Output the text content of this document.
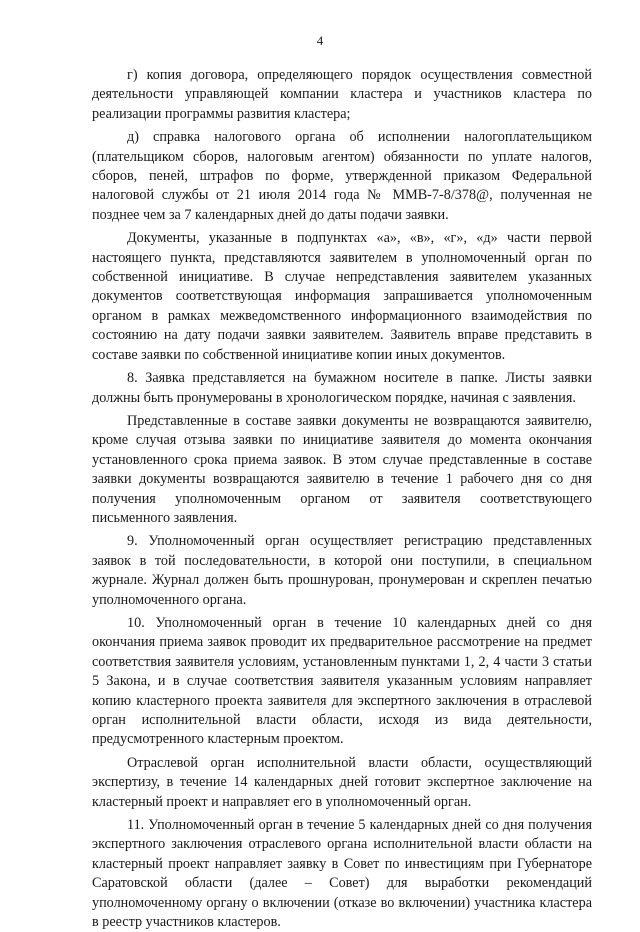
4

г) копия договора, определяющего порядок осуществления совместной деятельности управляющей компании кластера и участников кластера по реализации программы развития кластера;

д) справка налогового органа об исполнении налогоплательщиком (плательщиком сборов, налоговым агентом) обязанности по уплате налогов, сборов, пеней, штрафов по форме, утвержденной приказом Федеральной налоговой службы от 21 июля 2014 года № ММВ-7-8/378@, полученная не позднее чем за 7 календарных дней до даты подачи заявки.

Документы, указанные в подпунктах «а», «в», «г», «д» части первой настоящего пункта, представляются заявителем в уполномоченный орган по собственной инициативе. В случае непредставления заявителем указанных документов соответствующая информация запрашивается уполномоченным органом в рамках межведомственного информационного взаимодействия по состоянию на дату подачи заявки заявителем. Заявитель вправе представить в составе заявки по собственной инициативе копии иных документов.

8. Заявка представляется на бумажном носителе в папке. Листы заявки должны быть пронумерованы в хронологическом порядке, начиная с заявления.

Представленные в составе заявки документы не возвращаются заявителю, кроме случая отзыва заявки по инициативе заявителя до момента окончания установленного срока приема заявок. В этом случае представленные в составе заявки документы возвращаются заявителю в течение 1 рабочего дня со дня получения уполномоченным органом от заявителя соответствующего письменного заявления.

9. Уполномоченный орган осуществляет регистрацию представленных заявок в той последовательности, в которой они поступили, в специальном журнале. Журнал должен быть прошнурован, пронумерован и скреплен печатью уполномоченного органа.

10. Уполномоченный орган в течение 10 календарных дней со дня окончания приема заявок проводит их предварительное рассмотрение на предмет соответствия заявителя условиям, установленным пунктами 1, 2, 4 части 3 статьи 5 Закона, и в случае соответствия заявителя указанным условиям направляет копию кластерного проекта заявителя для экспертного заключения в отраслевой орган исполнительной власти области, исходя из вида деятельности, предусмотренного кластерным проектом.

Отраслевой орган исполнительной власти области, осуществляющий экспертизу, в течение 14 календарных дней готовит экспертное заключение на кластерный проект и направляет его в уполномоченный орган.

11. Уполномоченный орган в течение 5 календарных дней со дня получения экспертного заключения отраслевого органа исполнительной власти области на кластерный проект направляет заявку в Совет по инвестициям при Губернаторе Саратовской области (далее – Совет) для выработки рекомендаций уполномоченному органу о включении (отказе во включении) участника кластера в реестр участников кластеров.
